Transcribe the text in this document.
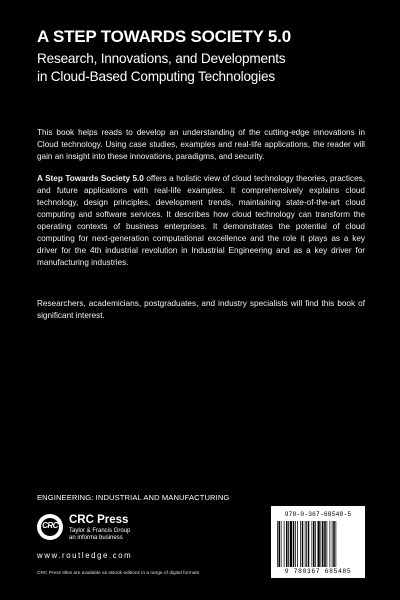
A STEP TOWARDS SOCIETY 5.0
Research, Innovations, and Developments
in Cloud-Based Computing Technologies
This book helps reads to develop an understanding of the cutting-edge innovations in Cloud technology. Using case studies, examples and real-life applications, the reader will gain an insight into these innovations, paradigms, and security.
A Step Towards Society 5.0 offers a holistic view of cloud technology theories, practices, and future applications with real-life examples. It comprehensively explains cloud technology, design principles, development trends, maintaining state-of-the-art cloud computing and software services. It describes how cloud technology can transform the operating contexts of business enterprises. It demonstrates the potential of cloud computing for next-generation computational excellence and the role it plays as a key driver for the 4th industrial revolution in Industrial Engineering and as a key driver for manufacturing industries.
Researchers, academicians, postgraduates, and industry specialists will find this book of significant interest.
ENGINEERING: INDUSTRIAL AND MANUFACTURING
CRC CRC Press
Taylor & Francis Group
an informa business
www.routledge.com
CRC Press titles are available as eBook editions in a range of digital formats
978-0-367-68548-5
9 780367 685485
